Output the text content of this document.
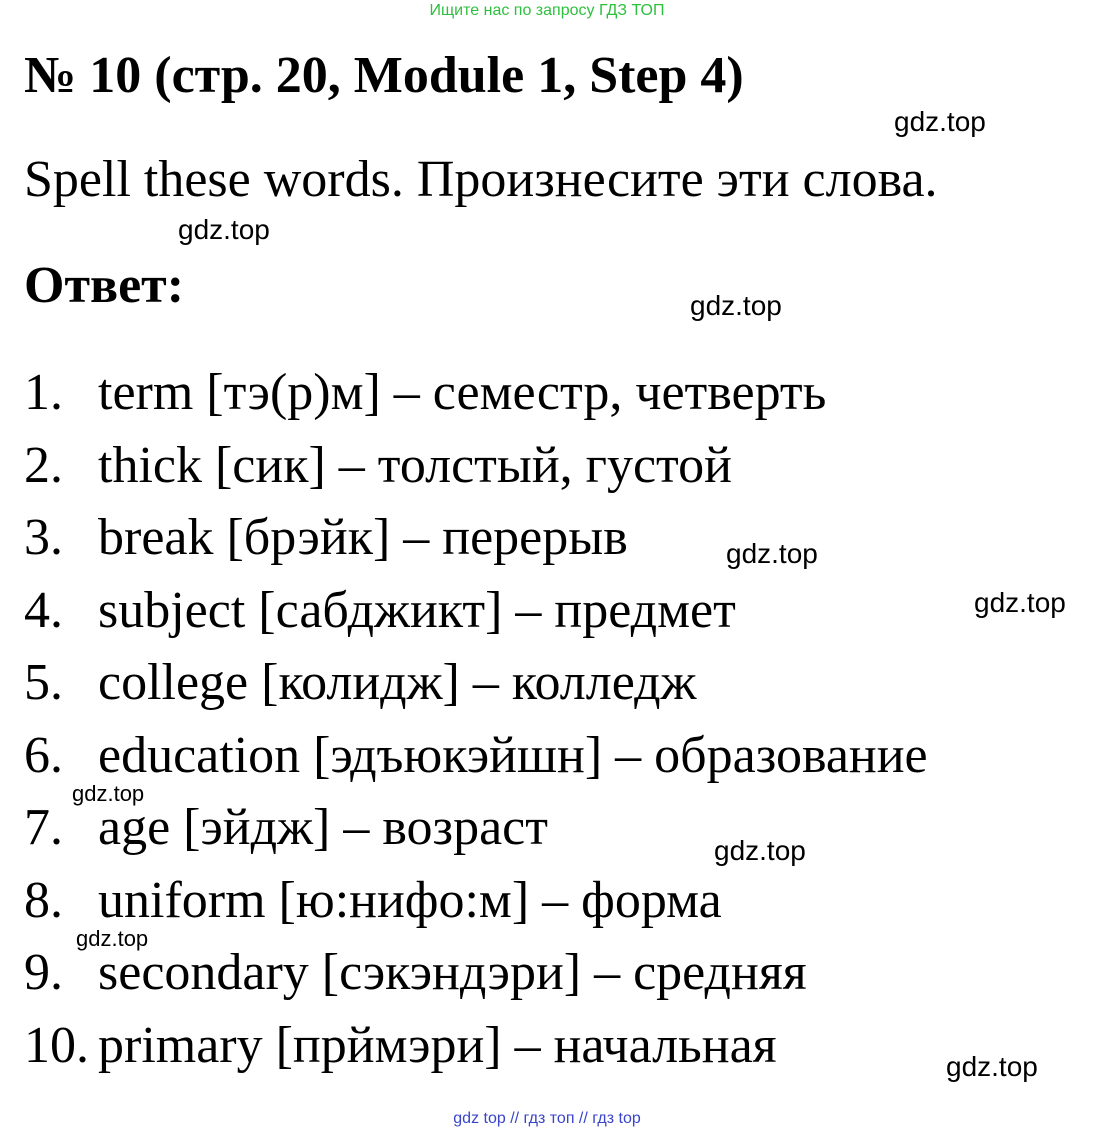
Ищите нас по запросу ГДЗ ТОП
№ 10 (стр. 20, Module 1, Step 4)
Spell these words. Произнесите эти слова.
Ответ:
1. term [тэ(р)м] – семестр, четверть
2. thick [сик] – толстый, густой
3. break [брэйк] – перерыв
4. subject [сабджикт] – предмет
5. college [колидж] – колледж
6. education [эдъюкэйшн] – образование
7. age [эйдж] – возраст
8. uniform [ю:нифо:м] – форма
9. secondary [сэкэндэри] – средняя
10. primary [прймэри] – начальная
gdz.top
gdz.top
gdz.top
gdz.top
gdz.top
gdz.top
gdz.top
gdz.top
gdz.top
gdz top // гдз топ // гдз top
